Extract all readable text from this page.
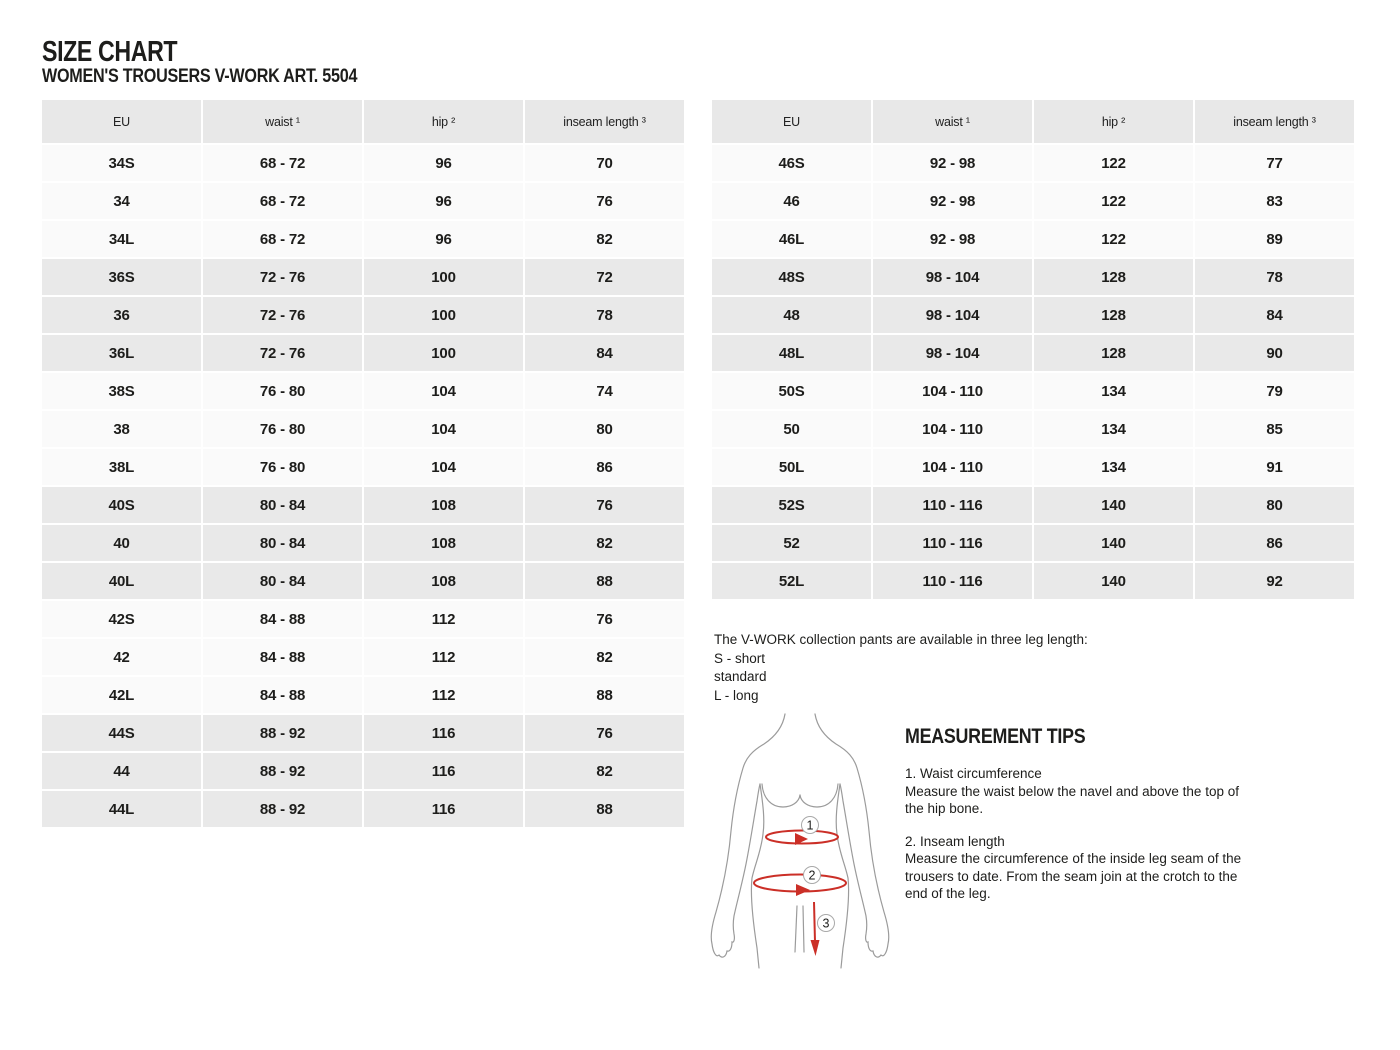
SIZE CHART
WOMEN'S TROUSERS V-WORK ART. 5504
EU	waist ¹	hip ²	inseam length ³
34S	68 - 72	96	70
34	68 - 72	96	76
34L	68 - 72	96	82
36S	72 - 76	100	72
36	72 - 76	100	78
36L	72 - 76	100	84
38S	76 - 80	104	74
38	76 - 80	104	80
38L	76 - 80	104	86
40S	80 - 84	108	76
40	80 - 84	108	82
40L	80 - 84	108	88
42S	84 - 88	112	76
42	84 - 88	112	82
42L	84 - 88	112	88
44S	88 - 92	116	76
44	88 - 92	116	82
44L	88 - 92	116	88
EU	waist ¹	hip ²	inseam length ³
46S	92 - 98	122	77
46	92 - 98	122	83
46L	92 - 98	122	89
48S	98 - 104	128	78
48	98 - 104	128	84
48L	98 - 104	128	90
50S	104 - 110	134	79
50	104 - 110	134	85
50L	104 - 110	134	91
52S	110 - 116	140	80
52	110 - 116	140	86
52L	110 - 116	140	92
The V-WORK collection pants are available in three leg length:
S - short
standard
L - long
1
2
3
MEASUREMENT TIPS
1. Waist circumference
Measure the waist below the navel and above the top of the hip bone.
2. Inseam length
Measure the circumference of the inside leg seam of the trousers to date. From the seam join at the crotch to the end of the leg.
